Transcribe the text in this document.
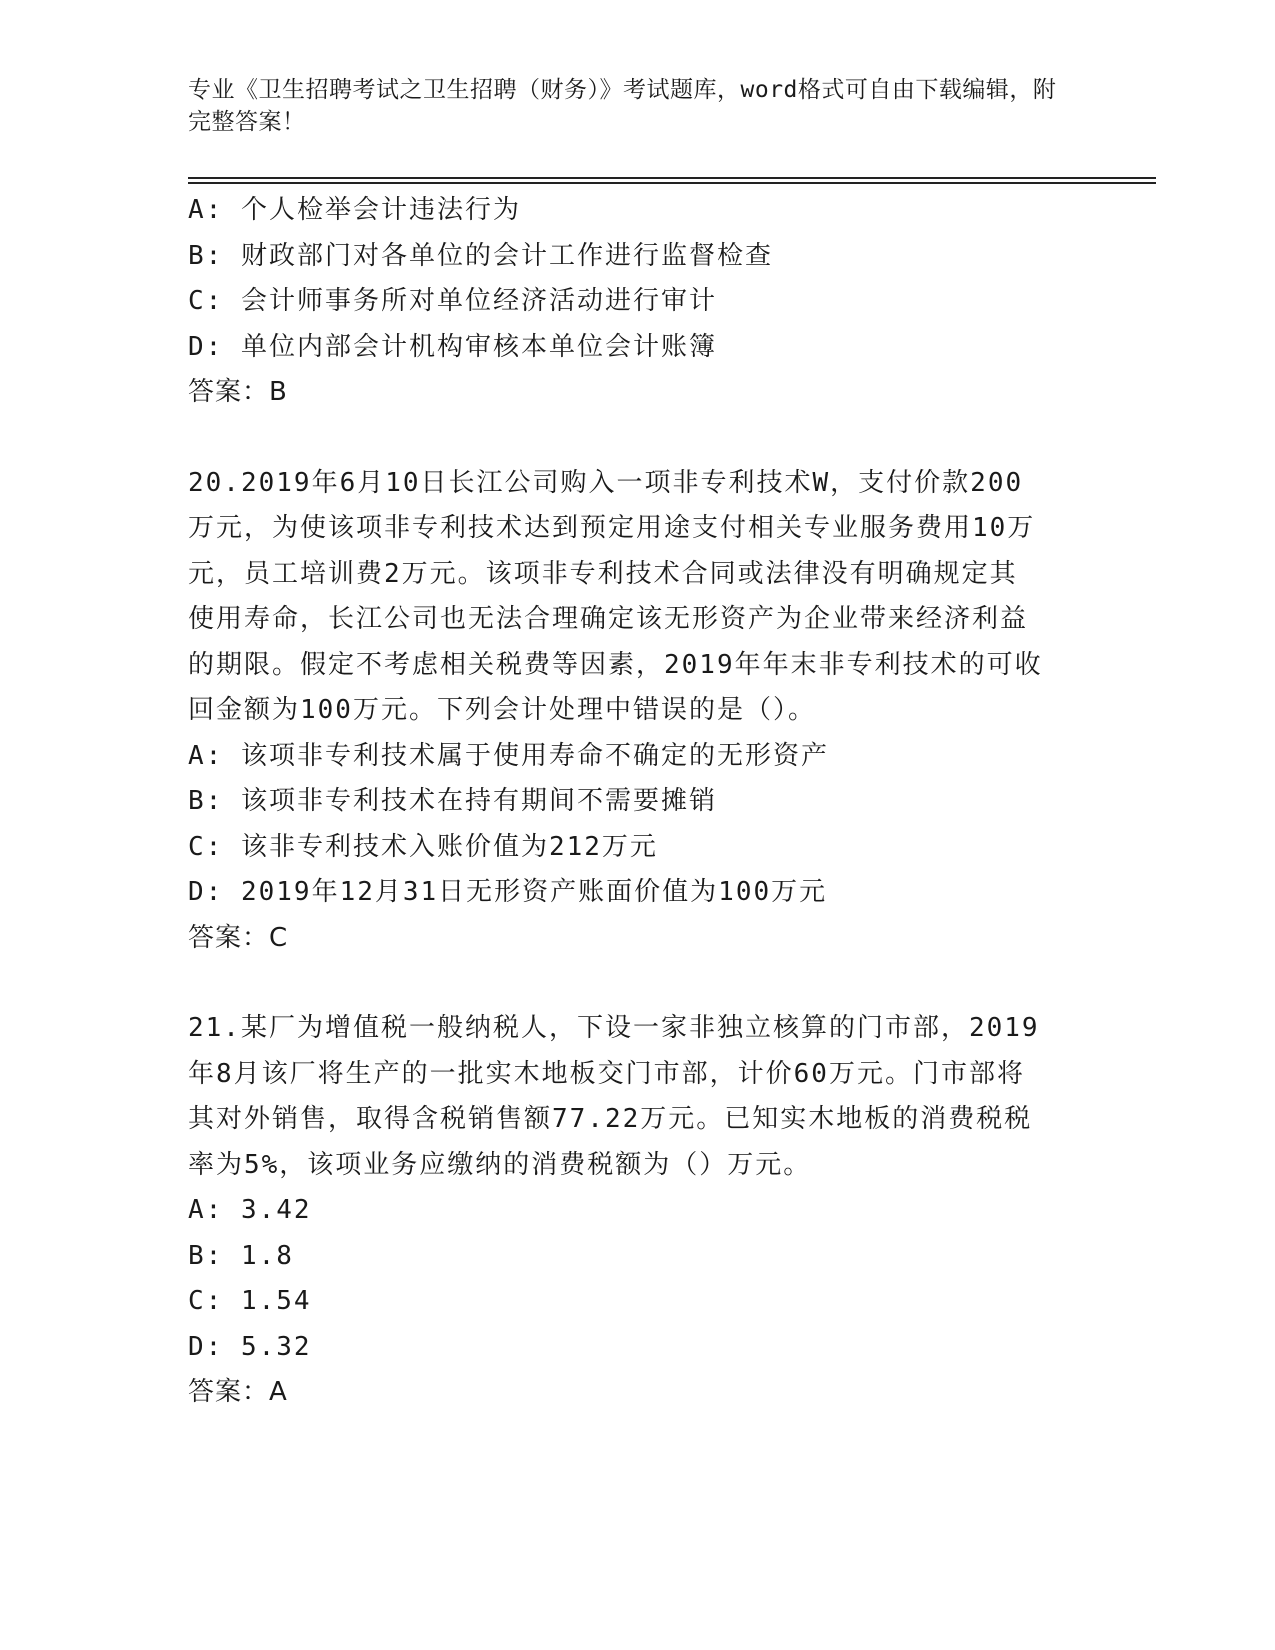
专业《卫生招聘考试之卫生招聘（财务）》考试题库，word格式可自由下载编辑，附完整答案！
A: 个人检举会计违法行为
B: 财政部门对各单位的会计工作进行监督检查
C: 会计师事务所对单位经济活动进行审计
D: 单位内部会计机构审核本单位会计账簿
答案：B
20.2019年6月10日长江公司购入一项非专利技术W，支付价款200
万元，为使该项非专利技术达到预定用途支付相关专业服务费用10万
元，员工培训费2万元。该项非专利技术合同或法律没有明确规定其
使用寿命，长江公司也无法合理确定该无形资产为企业带来经济利益
的期限。假定不考虑相关税费等因素，2019年年末非专利技术的可收
回金额为100万元。下列会计处理中错误的是（）。
A: 该项非专利技术属于使用寿命不确定的无形资产
B: 该项非专利技术在持有期间不需要摊销
C: 该非专利技术入账价值为212万元
D: 2019年12月31日无形资产账面价值为100万元
答案：C
21.某厂为增值税一般纳税人，下设一家非独立核算的门市部，2019
年8月该厂将生产的一批实木地板交门市部，计价60万元。门市部将
其对外销售，取得含税销售额77.22万元。已知实木地板的消费税税
率为5%，该项业务应缴纳的消费税额为（）万元。
A: 3.42
B: 1.8
C: 1.54
D: 5.32
答案：A
